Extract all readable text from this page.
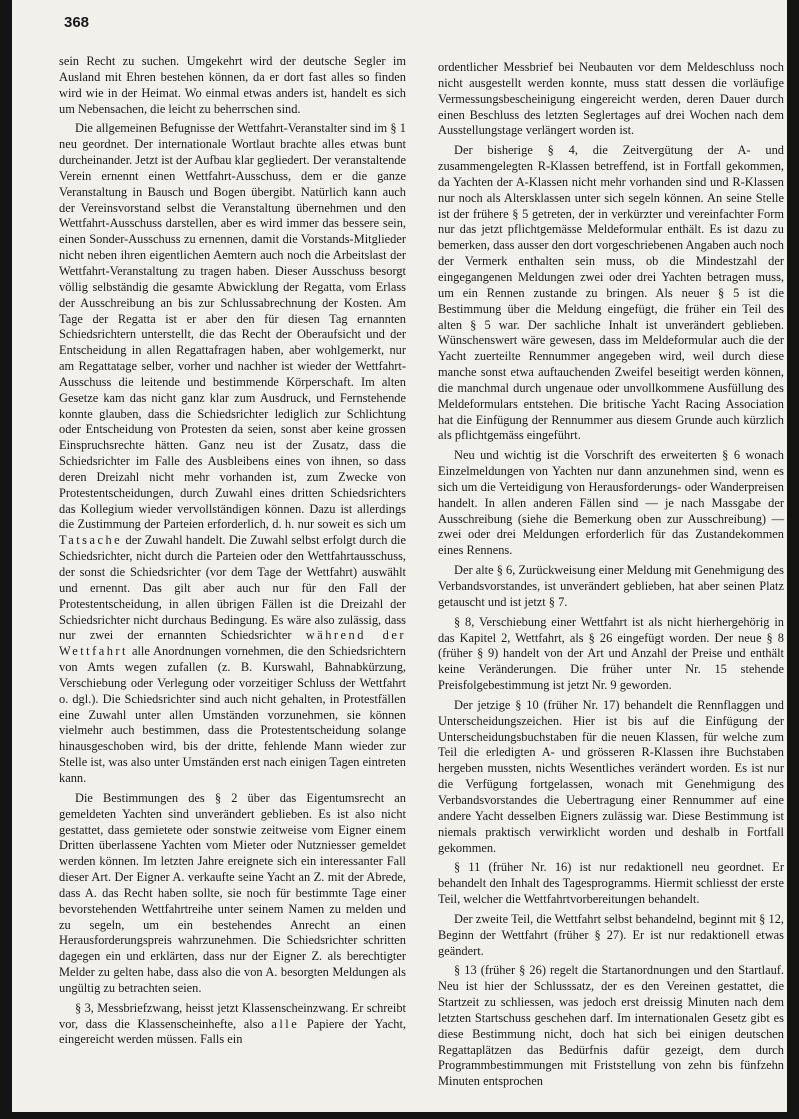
368

sein Recht zu suchen. Umgekehrt wird der deutsche Segler im Ausland mit Ehren bestehen können, da er dort fast alles so finden wird wie in der Heimat. Wo einmal etwas anders ist, handelt es sich um Nebensachen, die leicht zu beherrschen sind.

Die allgemeinen Befugnisse der Wettfahrt-Veranstalter sind im § 1 neu geordnet. Der internationale Wortlaut brachte alles etwas bunt durcheinander. Jetzt ist der Aufbau klar gegliedert. Der veranstaltende Verein ernennt einen Wettfahrt-Ausschuss, dem er die ganze Veranstaltung in Bausch und Bogen übergibt. Natürlich kann auch der Vereinsvorstand selbst die Veranstaltung übernehmen und den Wettfahrt-Ausschuss darstellen, aber es wird immer das bessere sein, einen Sonder-Ausschuss zu ernennen, damit die Vorstands-Mitglieder nicht neben ihren eigentlichen Aemtern auch noch die Arbeitslast der Wettfahrt-Veranstaltung zu tragen haben. Dieser Ausschuss besorgt völlig selbständig die gesamte Abwicklung der Regatta, vom Erlass der Ausschreibung an bis zur Schlussabrechnung der Kosten. Am Tage der Regatta ist er aber den für diesen Tag ernannten Schiedsrichtern unterstellt, die das Recht der Oberaufsicht und der Entscheidung in allen Regattafragen haben, aber wohlgemerkt, nur am Regattatage selber, vorher und nachher ist wieder der Wettfahrt-Ausschuss die leitende und bestimmende Körperschaft. Im alten Gesetze kam das nicht ganz klar zum Ausdruck, und Fernstehende konnte glauben, dass die Schiedsrichter lediglich zur Schlichtung oder Entscheidung von Protesten da seien, sonst aber keine grossen Einspruchsrechte hätten. Ganz neu ist der Zusatz, dass die Schiedsrichter im Falle des Ausbleibens eines von ihnen, so dass deren Dreizahl nicht mehr vorhanden ist, zum Zwecke von Protestentscheidungen, durch Zuwahl eines dritten Schiedsrichters das Kollegium wieder vervollständigen können. Dazu ist allerdings die Zustimmung der Parteien erforderlich, d. h. nur soweit es sich um Tatsache der Zuwahl handelt. Die Zuwahl selbst erfolgt durch die Schiedsrichter, nicht durch die Parteien oder den Wettfahrtausschuss, der sonst die Schiedsrichter (vor dem Tage der Wettfahrt) auswählt und ernennt. Das gilt aber auch nur für den Fall der Protestentscheidung, in allen übrigen Fällen ist die Dreizahl der Schiedsrichter nicht durchaus Bedingung. Es wäre also zulässig, dass nur zwei der ernannten Schiedsrichter während der Wettfahrt alle Anordnungen vornehmen, die den Schiedsrichtern von Amts wegen zufallen (z. B. Kurswahl, Bahnabkürzung, Verschiebung oder Verlegung oder vorzeitiger Schluss der Wettfahrt o. dgl.). Die Schiedsrichter sind auch nicht gehalten, in Protestfällen eine Zuwahl unter allen Umständen vorzunehmen, sie können vielmehr auch bestimmen, dass die Protestentscheidung solange hinausgeschoben wird, bis der dritte, fehlende Mann wieder zur Stelle ist, was also unter Umständen erst nach einigen Tagen eintreten kann.

Die Bestimmungen des § 2 über das Eigentumsrecht an gemeldeten Yachten sind unverändert geblieben. Es ist also nicht gestattet, dass gemietete oder sonstwie zeitweise vom Eigner einem Dritten überlassene Yachten vom Mieter oder Nutzniesser gemeldet werden können. Im letzten Jahre ereignete sich ein interessanter Fall dieser Art. Der Eigner A. verkaufte seine Yacht an Z. mit der Abrede, dass A. das Recht haben sollte, sie noch für bestimmte Tage einer bevorstehenden Wettfahrtreihe unter seinem Namen zu melden und zu segeln, um ein bestehendes Anrecht an einen Herausforderungspreis wahrzunehmen. Die Schiedsrichter schritten dagegen ein und erklärten, dass nur der Eigner Z. als berechtigter Melder zu gelten habe, dass also die von A. besorgten Meldungen als ungültig zu betrachten seien.

§ 3, Messbriefzwang, heisst jetzt Klassenscheinzwang. Er schreibt vor, dass die Klassenscheinhefte, also alle Papiere der Yacht, eingereicht werden müssen. Falls ein

ordentlicher Messbrief bei Neubauten vor dem Meldeschluss noch nicht ausgestellt werden konnte, muss statt dessen die vorläufige Vermessungsbescheinigung eingereicht werden, deren Dauer durch einen Beschluss des letzten Seglertages auf drei Wochen nach dem Ausstellungstage verlängert worden ist.

Der bisherige § 4, die Zeitvergütung der A- und zusammengelegten R-Klassen betreffend, ist in Fortfall gekommen, da Yachten der A-Klassen nicht mehr vorhanden sind und R-Klassen nur noch als Altersklassen unter sich segeln können. An seine Stelle ist der frühere § 5 getreten, der in verkürzter und vereinfachter Form nur das jetzt pflichtgemässe Meldeformular enthält. Es ist dazu zu bemerken, dass ausser den dort vorgeschriebenen Angaben auch noch der Vermerk enthalten sein muss, ob die Mindestzahl der eingegangenen Meldungen zwei oder drei Yachten betragen muss, um ein Rennen zustande zu bringen. Als neuer § 5 ist die Bestimmung über die Meldung eingefügt, die früher ein Teil des alten § 5 war. Der sachliche Inhalt ist unverändert geblieben. Wünschenswert wäre gewesen, dass im Meldeformular auch die der Yacht zuerteilte Rennummer angegeben wird, weil durch diese manche sonst etwa auftauchenden Zweifel beseitigt werden können, die manchmal durch ungenaue oder unvollkommene Ausfüllung des Meldeformulars entstehen. Die britische Yacht Racing Association hat die Einfügung der Rennummer aus diesem Grunde auch kürzlich als pflichtgemäss eingeführt.

Neu und wichtig ist die Vorschrift des erweiterten § 6 wonach Einzelmeldungen von Yachten nur dann anzunehmen sind, wenn es sich um die Verteidigung von Herausforderungs- oder Wanderpreisen handelt. In allen anderen Fällen sind — je nach Massgabe der Ausschreibung (siehe die Bemerkung oben zur Ausschreibung) — zwei oder drei Meldungen erforderlich für das Zustandekommen eines Rennens.

Der alte § 6, Zurückweisung einer Meldung mit Genehmigung des Verbandsvorstandes, ist unverändert geblieben, hat aber seinen Platz getauscht und ist jetzt § 7.

§ 8, Verschiebung einer Wettfahrt ist als nicht hierhergehörig in das Kapitel 2, Wettfahrt, als § 26 eingefügt worden. Der neue § 8 (früher § 9) handelt von der Art und Anzahl der Preise und enthält keine Veränderungen. Die früher unter Nr. 15 stehende Preisfolgebestimmung ist jetzt Nr. 9 geworden.

Der jetzige § 10 (früher Nr. 17) behandelt die Rennflaggen und Unterscheidungszeichen. Hier ist bis auf die Einfügung der Unterscheidungsbuchstaben für die neuen Klassen, für welche zum Teil die erledigten A- und grösseren R-Klassen ihre Buchstaben hergeben mussten, nichts Wesentliches verändert worden. Es ist nur die Verfügung fortgelassen, wonach mit Genehmigung des Verbandsvorstandes die Uebertragung einer Rennummer auf eine andere Yacht desselben Eigners zulässig war. Diese Bestimmung ist niemals praktisch verwirklicht worden und deshalb in Fortfall gekommen.

§ 11 (früher Nr. 16) ist nur redaktionell neu geordnet. Er behandelt den Inhalt des Tagesprogramms. Hiermit schliesst der erste Teil, welcher die Wettfahrtvorbereitungen behandelt.

Der zweite Teil, die Wettfahrt selbst behandelnd, beginnt mit § 12, Beginn der Wettfahrt (früher § 27). Er ist nur redaktionell etwas geändert.

§ 13 (früher § 26) regelt die Startanordnungen und den Startlauf. Neu ist hier der Schlusssatz, der es den Vereinen gestattet, die Startzeit zu schliessen, was jedoch erst dreissig Minuten nach dem letzten Startschuss geschehen darf. Im internationalen Gesetz gibt es diese Bestimmung nicht, doch hat sich bei einigen deutschen Regattaplätzen das Bedürfnis dafür gezeigt, dem durch Programmbestimmungen mit Friststellung von zehn bis fünfzehn Minuten entsprochen
